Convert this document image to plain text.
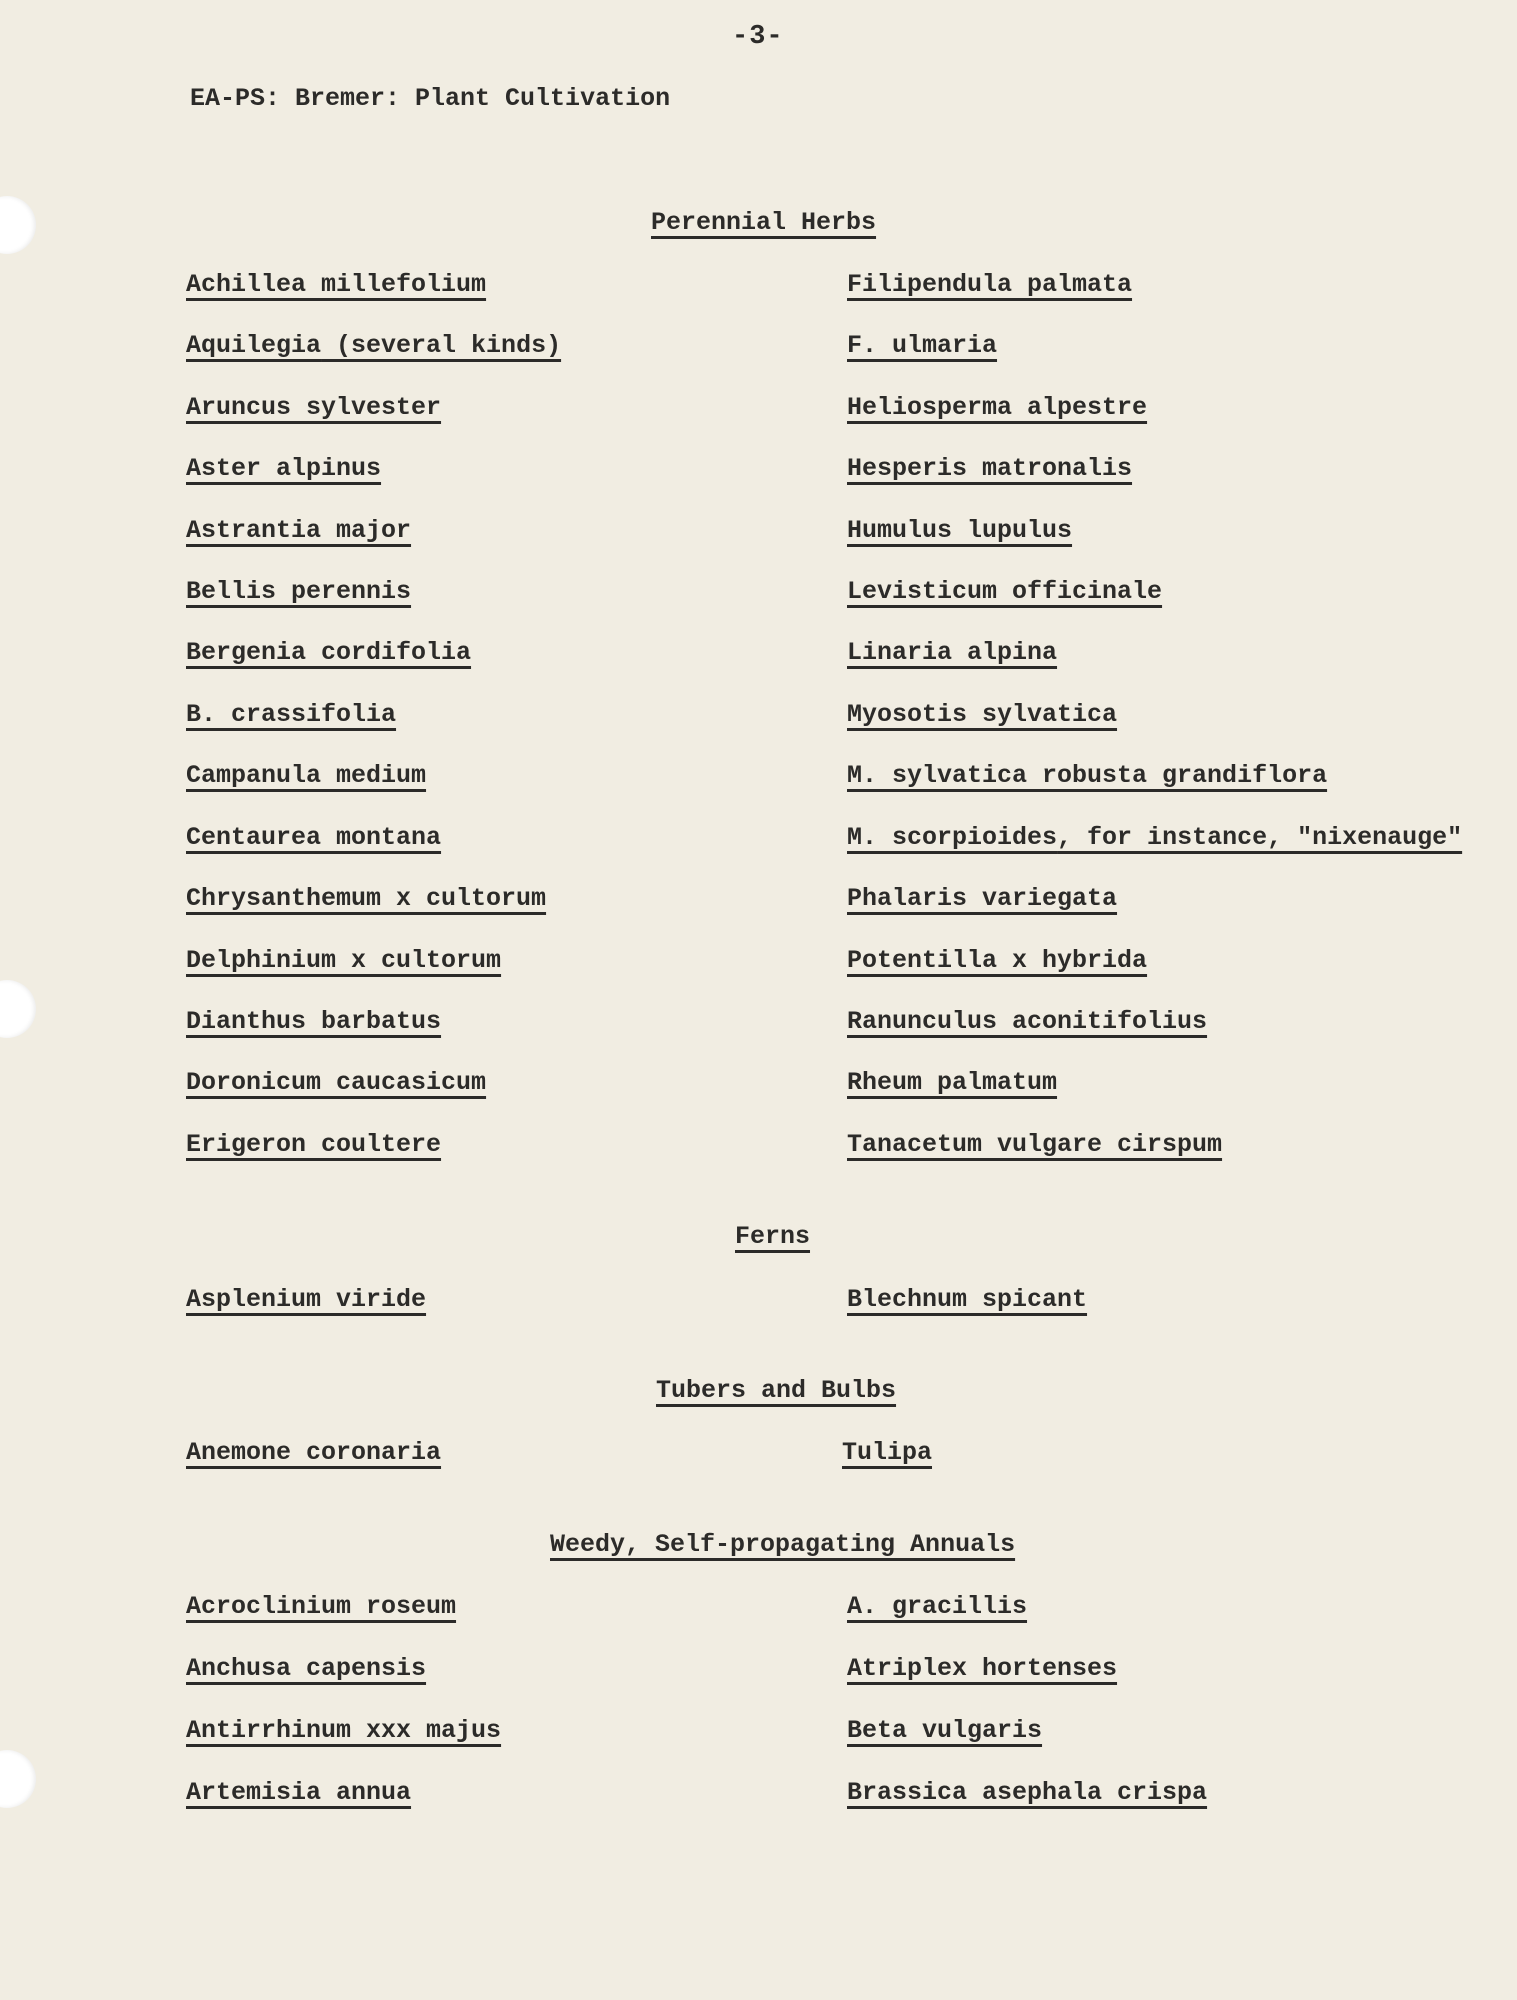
-3-
EA-PS: Bremer: Plant Cultivation
Perennial Herbs
Achillea millefolium	Filipendula palmata
Aquilegia (several kinds)	F. ulmaria
Aruncus sylvester	Heliosperma alpestre
Aster alpinus	Hesperis matronalis
Astrantia major	Humulus lupulus
Bellis perennis	Levisticum officinale
Bergenia cordifolia	Linaria alpina
B. crassifolia	Myosotis sylvatica
Campanula medium	M. sylvatica robusta grandiflora
Centaurea montana	M. scorpioides, for instance, "nixenauge"
Chrysanthemum x cultorum	Phalaris variegata
Delphinium x cultorum	Potentilla x hybrida
Dianthus barbatus	Ranunculus aconitifolius
Doronicum caucasicum	Rheum palmatum
Erigeron coultere	Tanacetum vulgare cirspum
Ferns
Asplenium viride	Blechnum spicant
Tubers and Bulbs
Anemone coronaria	Tulipa
Weedy, Self-propagating Annuals
Acroclinium roseum	A. gracillis
Anchusa capensis	Atriplex hortenses
Antirrhinum xxx majus	Beta vulgaris
Artemisia annua	Brassica asephala crispa
